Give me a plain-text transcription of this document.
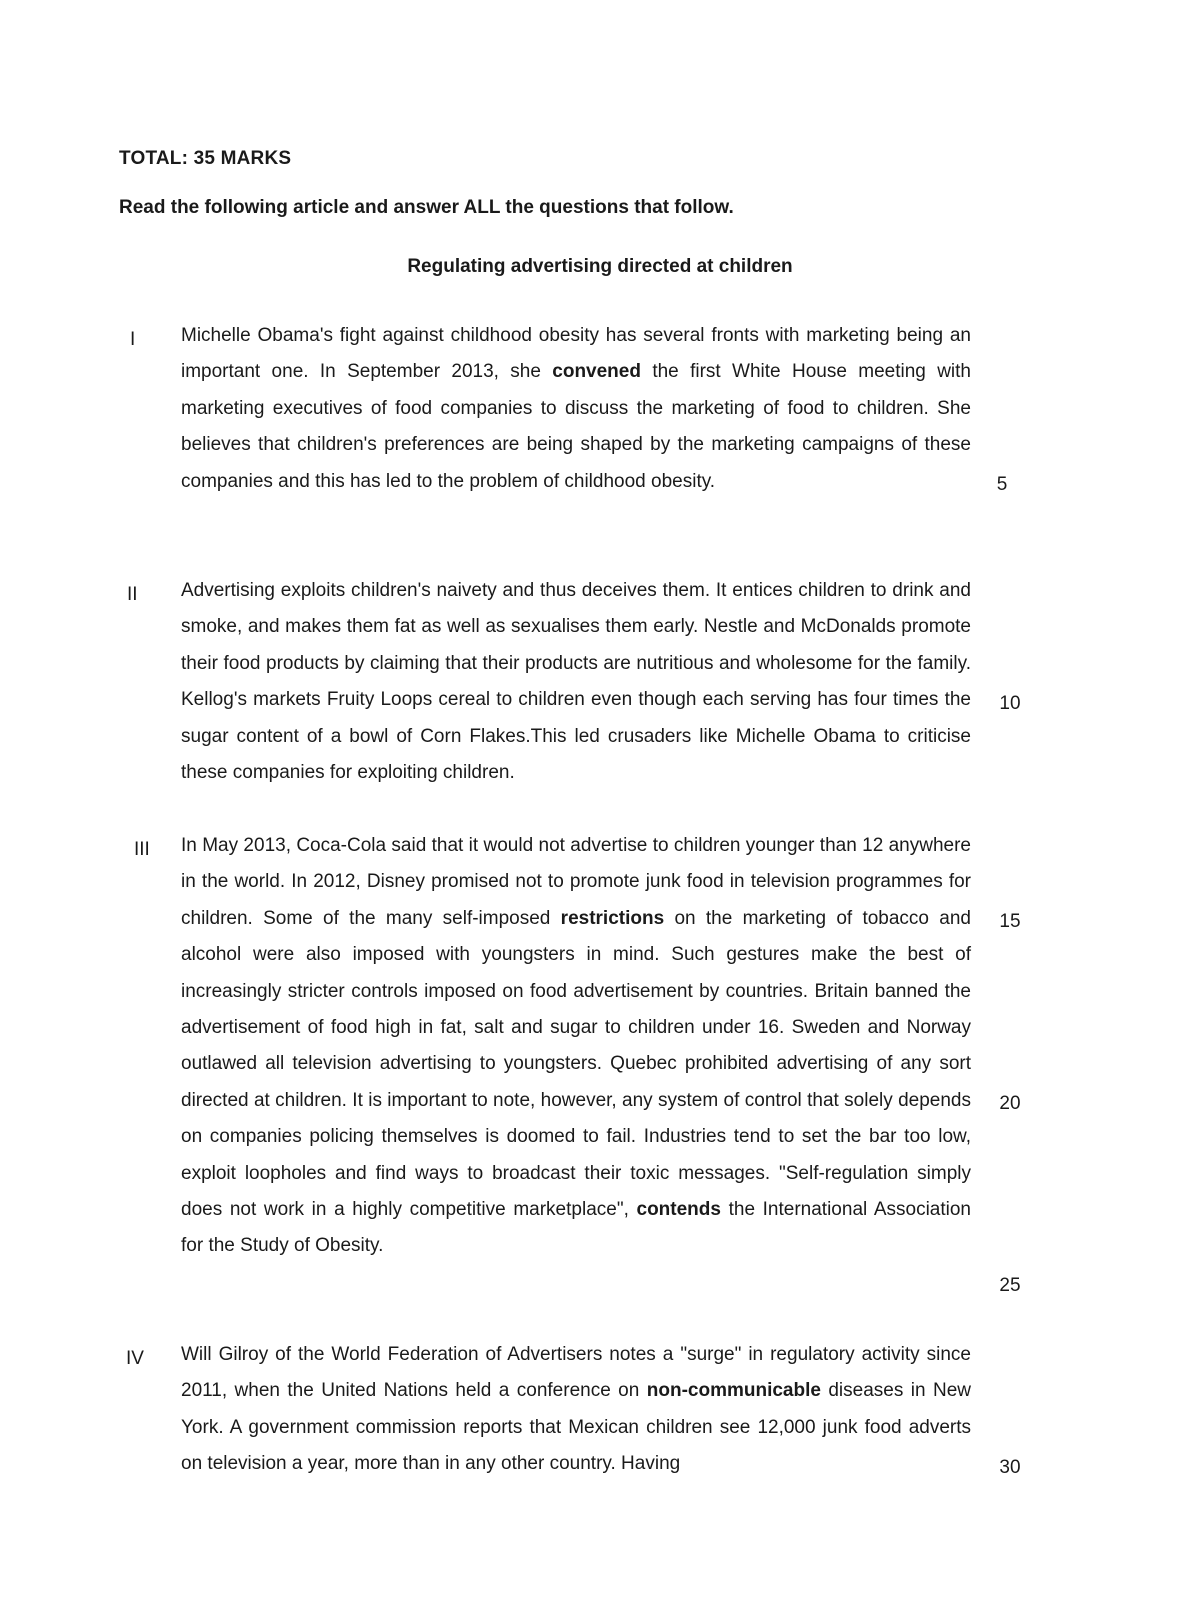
TOTAL: 35 MARKS
Read the following article and answer ALL the questions that follow.
Regulating advertising directed at children
I Michelle Obama's fight against childhood obesity has several fronts with marketing being an important one. In September 2013, she convened the first White House meeting with marketing executives of food companies to discuss the marketing of food to children. She believes that children's preferences are being shaped by the marketing campaigns of these companies and this has led to the problem of childhood obesity.
II Advertising exploits children's naivety and thus deceives them. It entices children to drink and smoke, and makes them fat as well as sexualises them early. Nestle and McDonalds promote their food products by claiming that their products are nutritious and wholesome for the family. Kellog's markets Fruity Loops cereal to children even though each serving has four times the sugar content of a bowl of Corn Flakes.This led crusaders like Michelle Obama to criticise these companies for exploiting children.
III In May 2013, Coca-Cola said that it would not advertise to children younger than 12 anywhere in the world. In 2012, Disney promised not to promote junk food in television programmes for children. Some of the many self-imposed restrictions on the marketing of tobacco and alcohol were also imposed with youngsters in mind. Such gestures make the best of increasingly stricter controls imposed on food advertisement by countries. Britain banned the advertisement of food high in fat, salt and sugar to children under 16. Sweden and Norway outlawed all television advertising to youngsters. Quebec prohibited advertising of any sort directed at children. It is important to note, however, any system of control that solely depends on companies policing themselves is doomed to fail. Industries tend to set the bar too low, exploit loopholes and find ways to broadcast their toxic messages. "Self-regulation simply does not work in a highly competitive marketplace", contends the International Association for the Study of Obesity.
IV Will Gilroy of the World Federation of Advertisers notes a "surge" in regulatory activity since 2011, when the United Nations held a conference on non-communicable diseases in New York. A government commission reports that Mexican children see 12,000 junk food adverts on television a year, more than in any other country. Having
5
10
15
20
25
30
